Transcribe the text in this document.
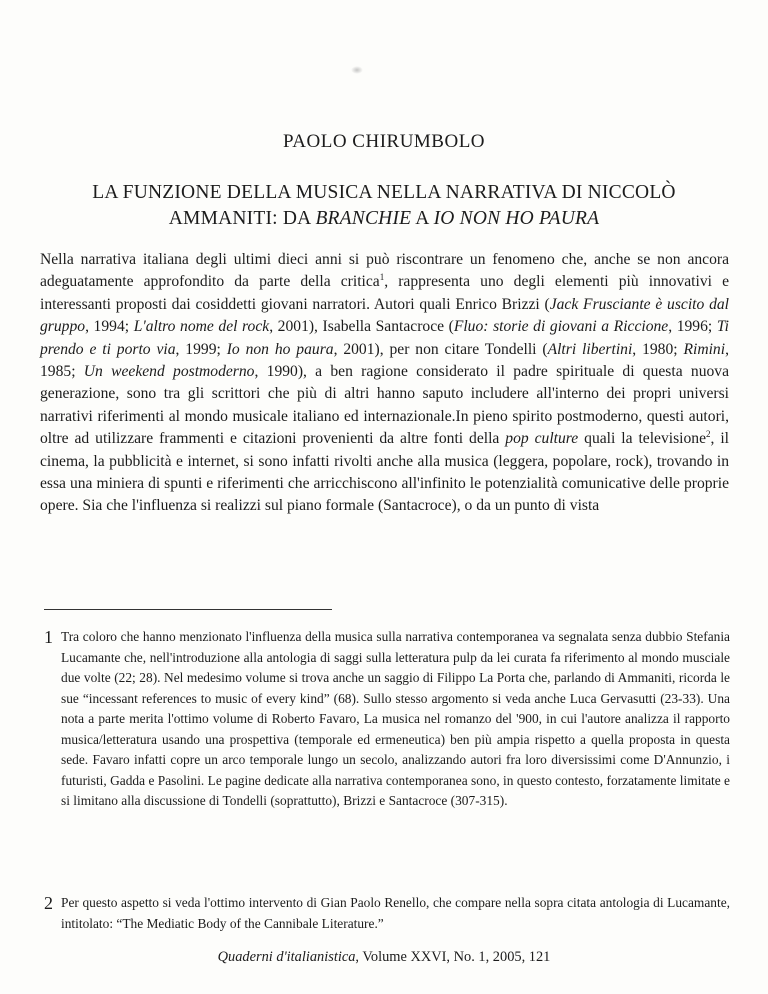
PAOLO CHIRUMBOLO
LA FUNZIONE DELLA MUSICA NELLA NARRATIVA DI NICCOLÒ AMMANITI: DA BRANCHIE A IO NON HO PAURA

Nella narrativa italiana degli ultimi dieci anni si può riscontrare un fenomeno che, anche se non ancora adeguatamente approfondito da parte della critica$^1$, rappresenta uno degli elementi più innovativi e interessanti proposti dai cosiddetti giovani narratori. Autori quali Enrico Brizzi (Jack Frusciante è uscito dal gruppo, 1994; L'altro nome del rock, 2001), Isabella Santacroce (Fluo: storie di giovani a Riccione, 1996; Ti prendo e ti porto via, 1999; Io non ho paura, 2001), per non citare Tondelli (Altri libertini, 1980; Rimini, 1985; Un weekend postmoderno, 1990), a ben ragione considerato il padre spirituale di questa nuova generazione, sono tra gli scrittori che più di altri hanno saputo includere all'interno dei propri universi narrativi riferimenti al mondo musicale italiano ed internazionale.In pieno spirito postmoderno, questi autori, oltre ad utilizzare frammenti e citazioni provenienti da altre fonti della pop culture quali la televisione$^2$, il cinema, la pubblicità e internet, si sono infatti rivolti anche alla musica (leggera, popolare, rock), trovando in essa una miniera di spunti e riferimenti che arricchiscono all'infinito le potenzialità comunicative delle proprie opere. Sia che l'influenza si realizzi sul piano formale (Santacroce), o da un punto di vista

1 Tra coloro che hanno menzionato l'influenza della musica sulla narrativa contemporanea va segnalata senza dubbio Stefania Lucamante che, nell'introduzione alla antologia di saggi sulla letteratura pulp da lei curata fa riferimento al mondo musciale due volte (22; 28). Nel medesimo volume si trova anche un saggio di Filippo La Porta che, parlando di Ammaniti, ricorda le sue “incessant references to music of every kind” (68). Sullo stesso argomento si veda anche Luca Gervasutti (23-33). Una nota a parte merita l'ottimo volume di Roberto Favaro, La musica nel romanzo del '900, in cui l'autore analizza il rapporto musica/letteratura usando una prospettiva (temporale ed ermeneutica) ben più ampia rispetto a quella proposta in questa sede. Favaro infatti copre un arco temporale lungo un secolo, analizzando autori fra loro diversissimi come D'Annunzio, i futuristi, Gadda e Pasolini. Le pagine dedicate alla narrativa contemporanea sono, in questo contesto, forzatamente limitate e si limitano alla discussione di Tondelli (soprattutto), Brizzi e Santacroce (307-315).
2 Per questo aspetto si veda l'ottimo intervento di Gian Paolo Renello, che compare nella sopra citata antologia di Lucamante, intitolato: “The Mediatic Body of the Cannibale Literature.”
Quaderni d'italianistica, Volume XXVI, No. 1, 2005, 121
